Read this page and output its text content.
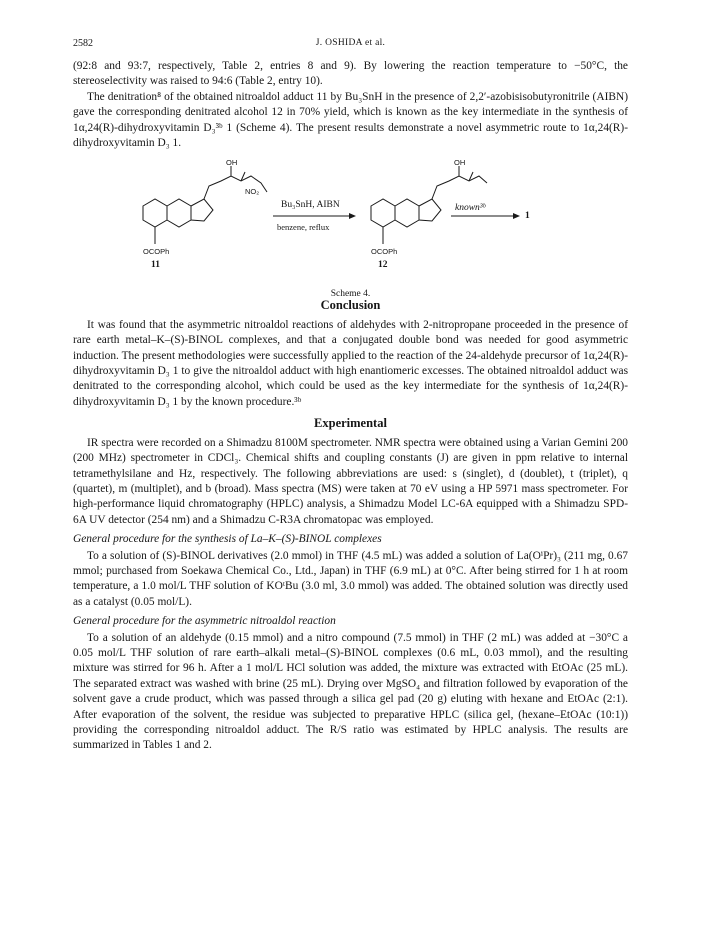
2582	J. OSHIDA et al.

(92:8 and 93:7, respectively, Table 2, entries 8 and 9). By lowering the reaction temperature to −50°C, the stereoselectivity was raised to 94:6 (Table 2, entry 10).

The denitration⁸ of the obtained nitroaldol adduct 11 by Bu₃SnH in the presence of 2,2′-azobisisobutyronitrile (AIBN) gave the corresponding denitrated alcohol 12 in 70% yield, which is known as the key intermediate in the synthesis of 1α,24(R)-dihydroxyvitamin D₃³ᵇ 1 (Scheme 4). The present results demonstrate a novel asymmetric route to 1α,24(R)-dihydroxyvitamin D₃ 1.

OH
NO₂
OCOPh
11
Bu₃SnH, AIBN
benzene, reflux
OH
OCOPh
12
known³ᵇ
1
Scheme 4.
Conclusion

It was found that the asymmetric nitroaldol reactions of aldehydes with 2-nitropropane proceeded in the presence of rare earth metal–K–(S)-BINOL complexes, and that a conjugated double bond was needed for good asymmetric induction. The present methodologies were successfully applied to the reaction of the 24-aldehyde precursor of 1α,24(R)-dihydroxyvitamin D₃ 1 to give the nitroaldol adduct with high enantiomeric excesses. The obtained nitroaldol adduct was denitrated to the corresponding alcohol, which could be used as the key intermediate for the synthesis of 1α,24(R)-dihydroxyvitamin D₃ 1 by the known procedure.³ᵇ

Experimental

IR spectra were recorded on a Shimadzu 8100M spectrometer. NMR spectra were obtained using a Varian Gemini 200 (200 MHz) spectrometer in CDCl₃. Chemical shifts and coupling constants (J) are given in ppm relative to internal tetramethylsilane and Hz, respectively. The following abbreviations are used: s (singlet), d (doublet), t (triplet), q (quartet), m (multiplet), and b (broad). Mass spectra (MS) were taken at 70 eV using a HP 5971 mass spectrometer. For high-performance liquid chromatography (HPLC) analysis, a Shimadzu Model LC-6A equipped with a Shimadzu SPD-6A UV detector (254 nm) and a Shimadzu C-R3A chromatopac was employed.

General procedure for the synthesis of La–K–(S)-BINOL complexes

To a solution of (S)-BINOL derivatives (2.0 mmol) in THF (4.5 mL) was added a solution of La(OⁱPr)₃ (211 mg, 0.67 mmol; purchased from Soekawa Chemical Co., Ltd., Japan) in THF (6.9 mL) at 0°C. After being stirred for 1 h at room temperature, a 1.0 mol/L THF solution of KOᵗBu (3.0 ml, 3.0 mmol) was added. The obtained solution was directly used as a catalyst (0.05 mol/L).

General procedure for the asymmetric nitroaldol reaction

To a solution of an aldehyde (0.15 mmol) and a nitro compound (7.5 mmol) in THF (2 mL) was added at −30°C a 0.05 mol/L THF solution of rare earth–alkali metal–(S)-BINOL complexes (0.6 mL, 0.03 mmol), and the resulting mixture was stirred for 96 h. After a 1 mol/L HCl solution was added, the mixture was extracted with EtOAc (25 mL). The separated extract was washed with brine (25 mL). Drying over MgSO₄ and filtration followed by evaporation of the solvent gave a crude product, which was passed through a silica gel pad (20 g) eluting with hexane and EtOAc (2:1). After evaporation of the solvent, the residue was subjected to preparative HPLC (silica gel, (hexane–EtOAc (10:1)) providing the corresponding nitroaldol adduct. The R/S ratio was estimated by HPLC analysis. The results are summarized in Tables 1 and 2.
